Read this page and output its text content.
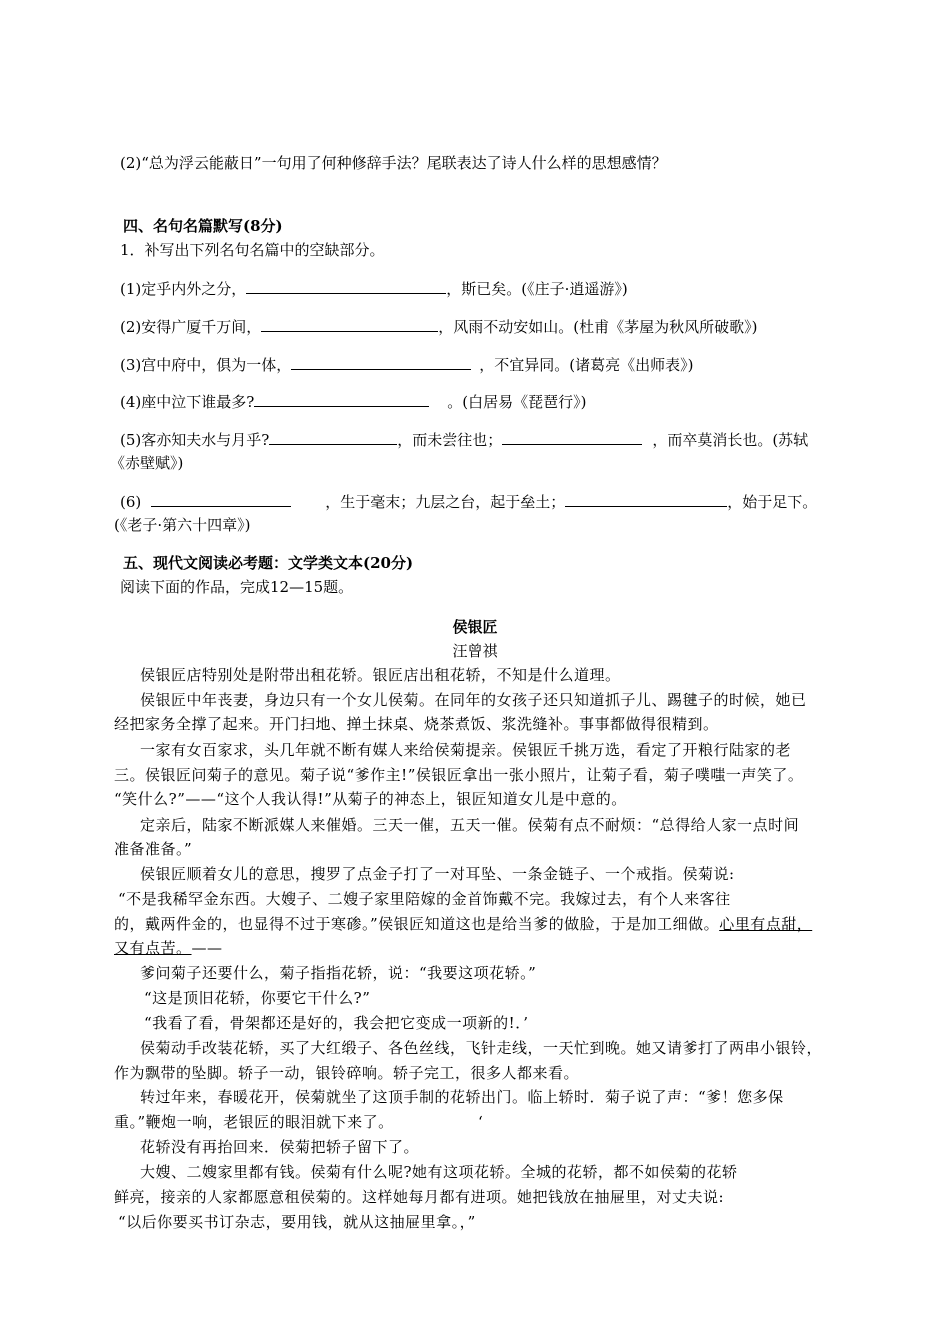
(2)“总为浮云能蔽日”一句用了何种修辞手法？尾联表达了诗人什么样的思想感情？
四、名句名篇默写(8分)
1．补写出下列名句名篇中的空缺部分。
(1)定乎内外之分，	，斯已矣。(《庄子·逍遥游》)
(2)安得广厦千万间，	，风雨不动安如山。(杜甫《茅屋为秋风所破歌》)
(3)宫中府中，俱为一体，	，不宜异同。(诸葛亮《出师表》)
(4)座中泣下谁最多?	。(白居易《琵琶行》)
(5)客亦知夫水与月乎?	，而未尝往也；	，而卒莫消长也。(苏轼
《赤壁赋》)
(6)	，生于毫末；九层之台，起于垒土；	，始于足下。
(《老子·第六十四章》)
五、现代文阅读必考题：文学类文本(20分)
阅读下面的作品，完成12—15题。
侯银匠
汪曾祺
侯银匠店特别处是附带出租花轿。银匠店出租花轿，不知是什么道理。
侯银匠中年丧妻，身边只有一个女儿侯菊。在同年的女孩子还只知道抓子儿、踢毽子的时候，她已
经把家务全撑了起来。开门扫地、掸土抹桌、烧茶煮饭、浆洗缝补。事事都做得很精到。
一家有女百家求，头几年就不断有媒人来给侯菊提亲。侯银匠千挑万选，看定了开粮行陆家的老
三。侯银匠问菊子的意见。菊子说“爹作主!”侯银匠拿出一张小照片，让菊子看，菊子噗嗤一声笑了。
“笑什么?”——“这个人我认得!”从菊子的神态上，银匠知道女儿是中意的。
定亲后，陆家不断派媒人来催婚。三天一催，五天一催。侯菊有点不耐烦：“总得给人家一点时间
准备准备。”
侯银匠顺着女儿的意思，搜罗了点金子打了一对耳坠、一条金链子、一个戒指。侯菊说:
“不是我稀罕金东西。大嫂子、二嫂子家里陪嫁的金首饰戴不完。我嫁过去，有个人来客往
的，戴两件金的，也显得不过于寒碜。”侯银匠知道这也是给当爹的做脸，于是加工细做。心里有点甜，
又有点苦。——
爹问菊子还要什么，菊子指指花轿，说：“我要这项花轿。”
“这是顶旧花轿，你要它干什么?”
“我看了看，骨架都还是好的，我会把它变成一项新的!．’
侯菊动手改装花轿，买了大红缎子、各色丝线，飞针走线，一天忙到晚。她又请爹打了两串小银铃，
作为飘带的坠脚。轿子一动，银铃碎响。轿子完工，很多人都来看。
转过年来，春暖花开，侯菊就坐了这顶手制的花轿出门。临上轿时．菊子说了声：“爹！您多保
重。”鞭炮一响，老银匠的眼泪就下来了。	‘
花轿没有再抬回来．侯菊把轿子留下了。
大嫂、二嫂家里都有钱。侯菊有什么呢?她有这项花轿。全城的花轿，都不如侯菊的花轿
鲜亮，接亲的人家都愿意租侯菊的。这样她每月都有进项。她把钱放在抽屉里，对丈夫说:
“以后你要买书订杂志，要用钱，就从这抽屉里拿。，”
